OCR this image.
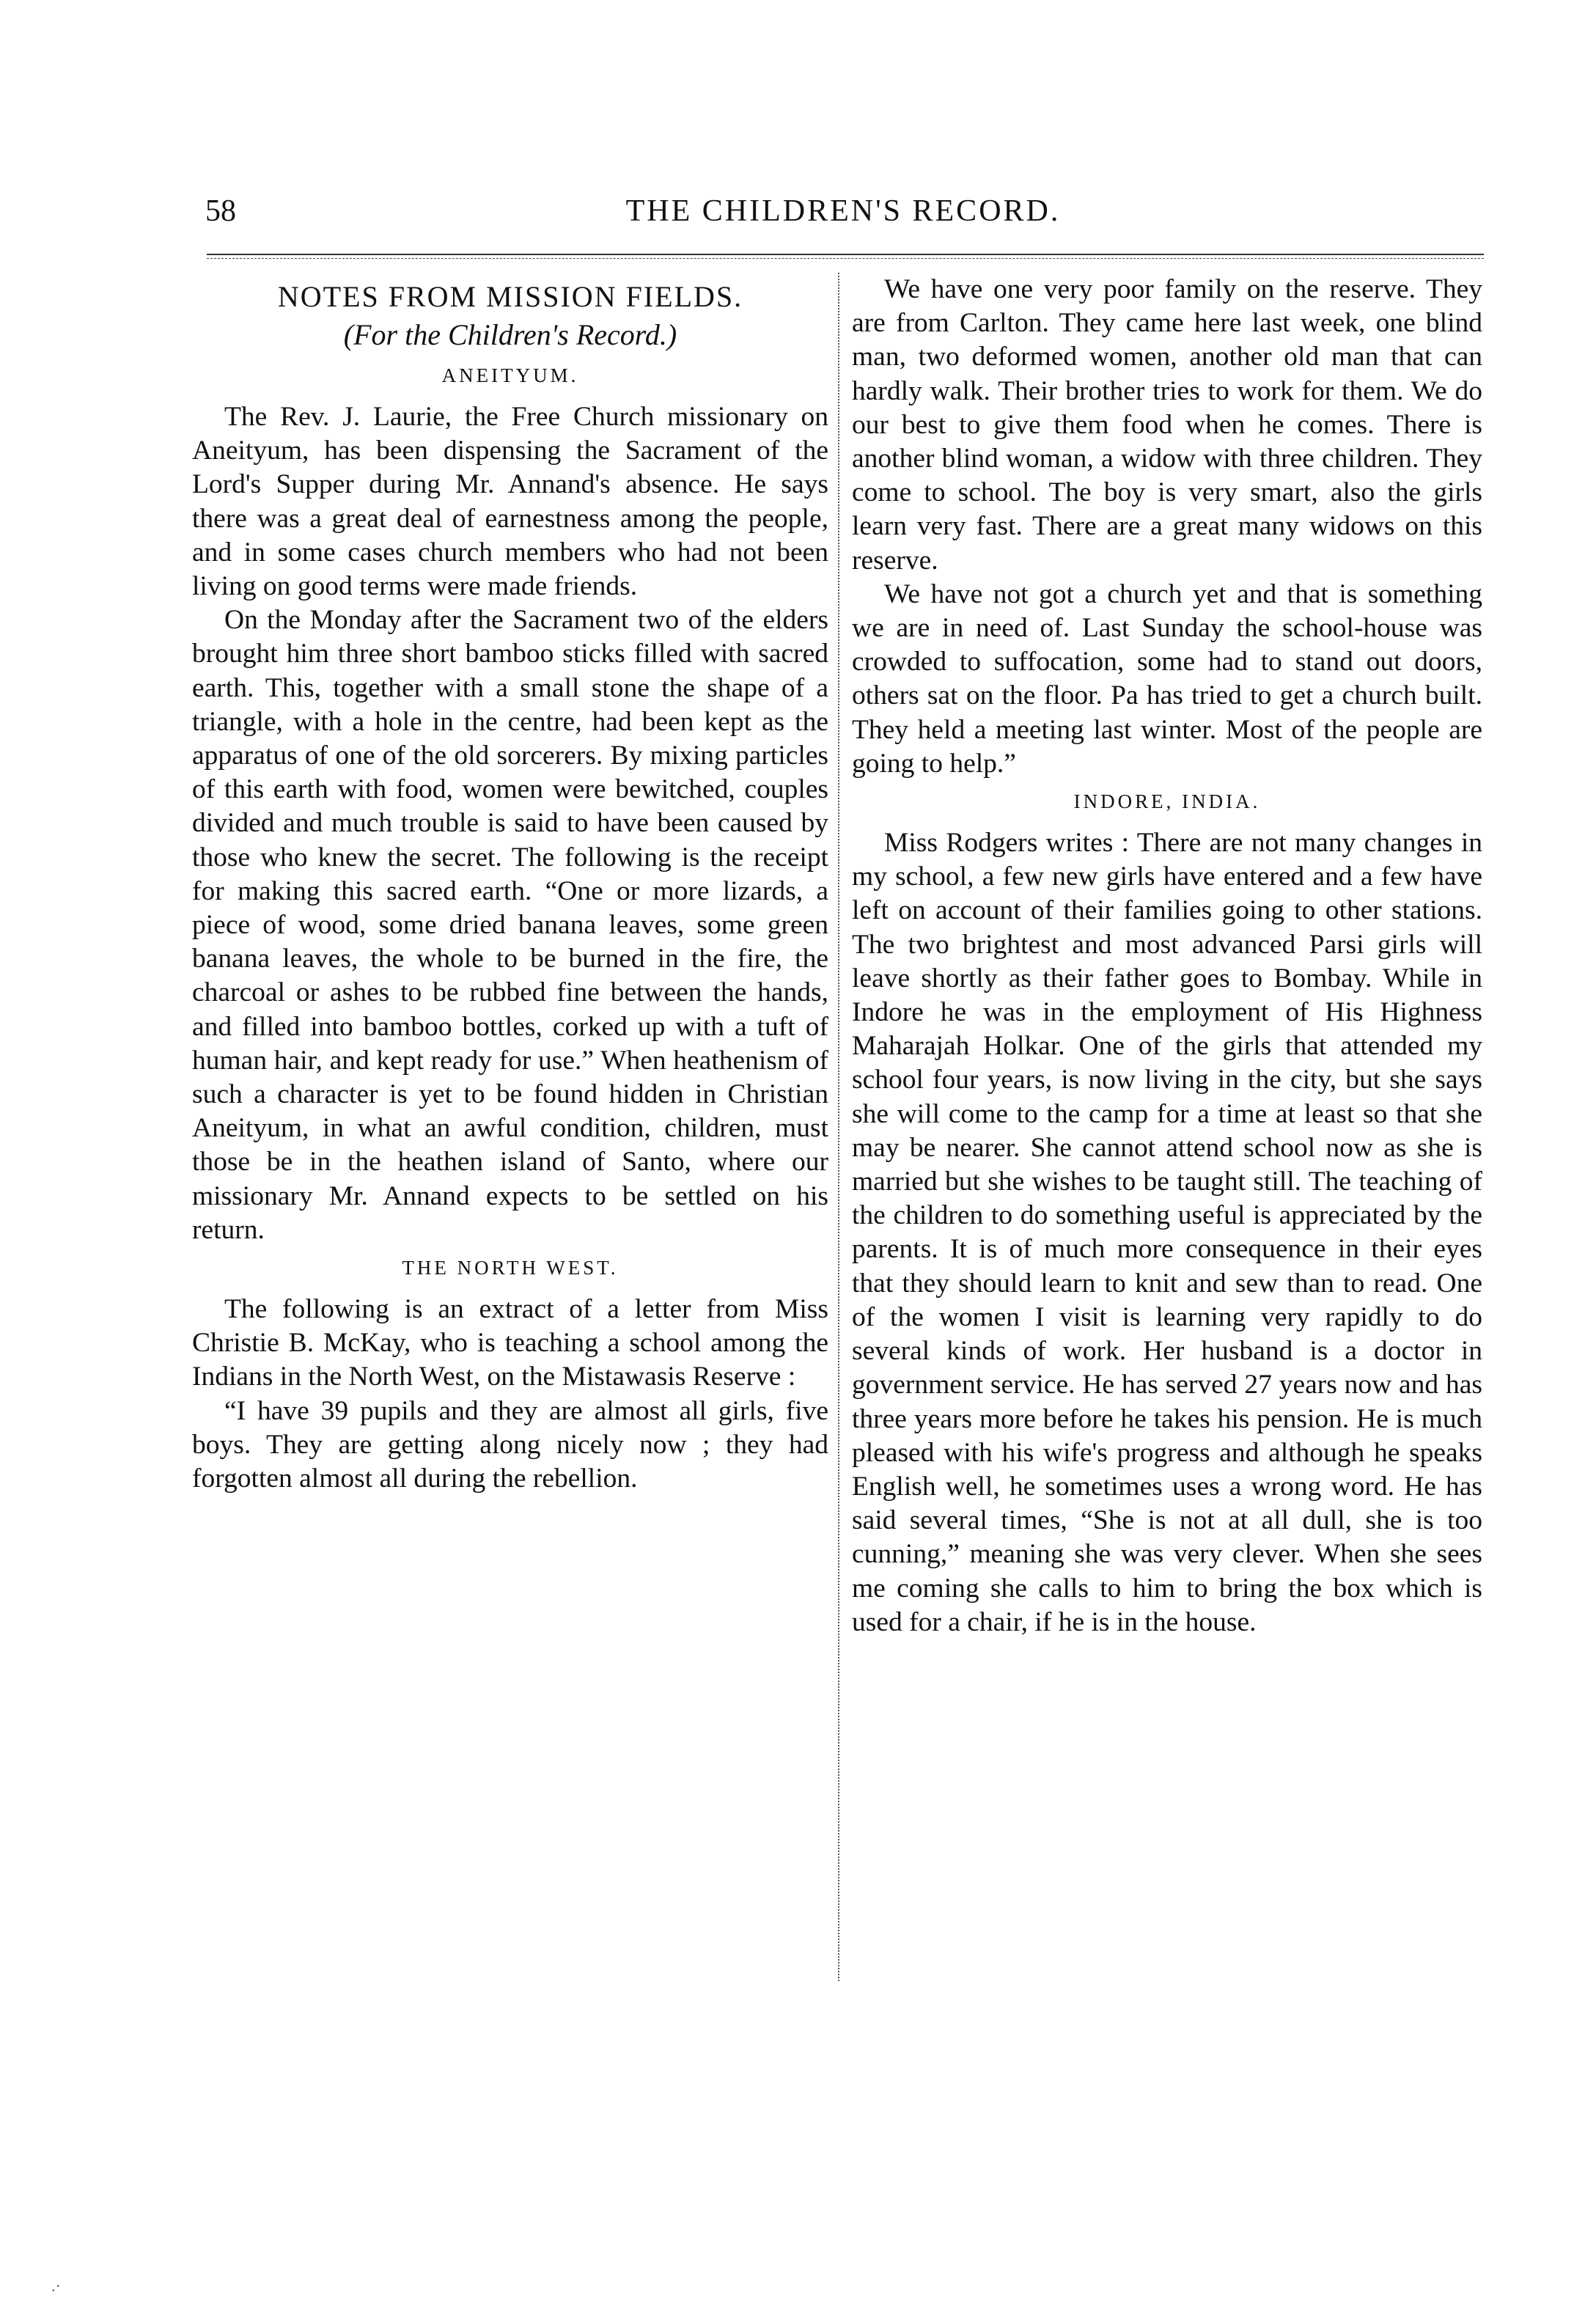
58	THE CHILDREN'S RECORD.
NOTES FROM MISSION FIELDS.
(For the Children's Record.)
ANEITYUM.

The Rev. J. Laurie, the Free Church missionary on Aneityum, has been dispensing the Sacrament of the Lord's Supper during Mr. Annand's absence. He says there was a great deal of earnestness among the people, and in some cases church members who had not been living on good terms were made friends.

On the Monday after the Sacrament two of the elders brought him three short bamboo sticks filled with sacred earth. This, together with a small stone the shape of a triangle, with a hole in the centre, had been kept as the apparatus of one of the old sorcerers. By mixing particles of this earth with food, women were bewitched, couples divided and much trouble is said to have been caused by those who knew the secret. The following is the receipt for making this sacred earth. “One or more lizards, a piece of wood, some dried banana leaves, some green banana leaves, the whole to be burned in the fire, the charcoal or ashes to be rubbed fine between the hands, and filled into bamboo bottles, corked up with a tuft of human hair, and kept ready for use.” When heathenism of such a character is yet to be found hidden in Christian Aneityum, in what an awful condition, children, must those be in the heathen island of Santo, where our missionary Mr. Annand expects to be settled on his return.

THE NORTH WEST.

The following is an extract of a letter from Miss Christie B. McKay, who is teaching a school among the Indians in the North West, on the Mistawasis Reserve :

“I have 39 pupils and they are almost all girls, five boys. They are getting along nicely now ; they had forgotten almost all during the rebellion.

We have one very poor family on the reserve. They are from Carlton. They came here last week, one blind man, two deformed women, another old man that can hardly walk. Their brother tries to work for them. We do our best to give them food when he comes. There is another blind woman, a widow with three children. They come to school. The boy is very smart, also the girls learn very fast. There are a great many widows on this reserve.

We have not got a church yet and that is something we are in need of. Last Sunday the school-house was crowded to suffocation, some had to stand out doors, others sat on the floor. Pa has tried to get a church built. They held a meeting last winter. Most of the people are going to help.”

INDORE, INDIA.

Miss Rodgers writes : There are not many changes in my school, a few new girls have entered and a few have left on account of their families going to other stations. The two brightest and most advanced Parsi girls will leave shortly as their father goes to Bombay. While in Indore he was in the employment of His Highness Maharajah Holkar. One of the girls that attended my school four years, is now living in the city, but she says she will come to the camp for a time at least so that she may be nearer. She cannot attend school now as she is married but she wishes to be taught still. The teaching of the children to do something useful is appreciated by the parents. It is of much more consequence in their eyes that they should learn to knit and sew than to read. One of the women I visit is learning very rapidly to do several kinds of work. Her husband is a doctor in government service. He has served 27 years now and has three years more before he takes his pension. He is much pleased with his wife's progress and although he speaks English well, he sometimes uses a wrong word. He has said several times, “She is not at all dull, she is too cunning,” meaning she was very clever. When she sees me coming she calls to him to bring the box which is used for a chair, if he is in the house.

.·
